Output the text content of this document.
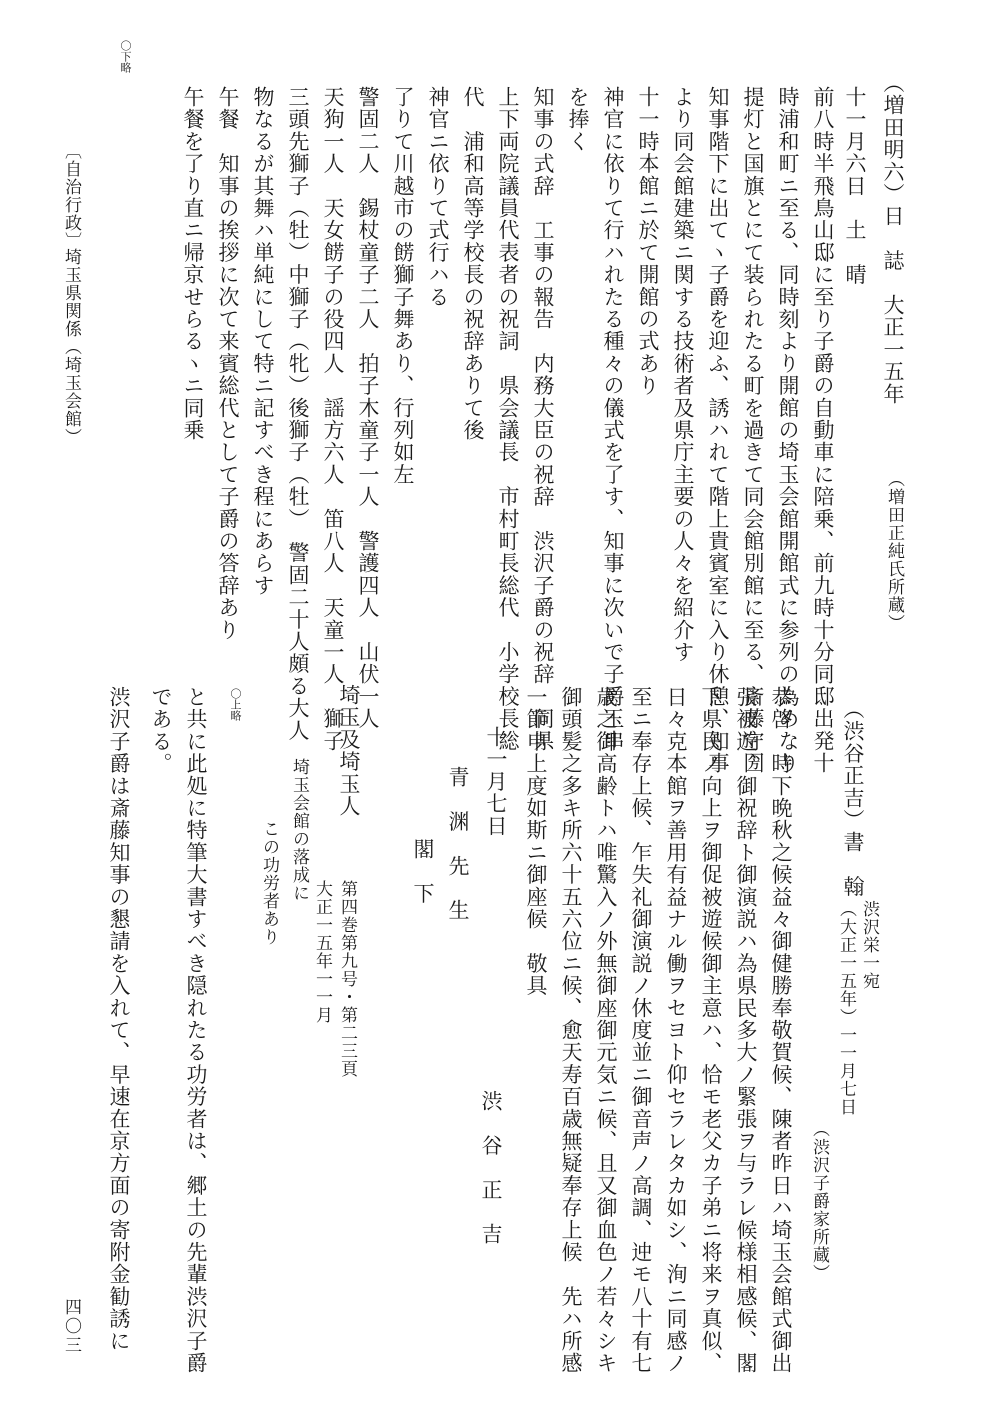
（増田明六）日　誌　大正一五年
（増田正純氏所蔵）
十一月六日　土　晴
前八時半飛鳥山邸に至り子爵の自動車に陪乗、前九時十分同邸出発十
時浦和町ニ至る、同時刻より開館の埼玉会館開館式に参列の為めなり
提灯と国旗とにて装られたる町を過きて同会館別館に至る、斎藤守圀
知事階下に出てヽ子爵を迎ふ、誘ハれて階上貴賓室に入り休憩、知事
より同会館建築ニ関する技術者及県庁主要の人々を紹介す
十一時本館ニ於て開館の式あり
神官に依りて行ハれたる種々の儀式を了す、知事に次いで子爵玉串
を捧く
知事の式辞　工事の報告　内務大臣の祝辞　渋沢子爵の祝辞　同県
上下両院議員代表者の祝詞　県会議長　市村町長総代　小学校長総
代　浦和高等学校長の祝辞ありて後
神官ニ依りて式行ハる
了りて川越市の餝獅子舞あり、行列如左
警固二人　錫杖童子二人　拍子木童子一人　警護四人　山伏一人
天狗一人　天女餝子の役四人　謡方六人　笛八人　天童一人　獅子
三頭先獅子（牡）中獅子（牝）後獅子（牡）　警固二十人頗る大人
物なるが其舞ハ単純にして特ニ記すべき程にあらす
午餐　知事の挨拶に次て来賓総代として子爵の答辞あり
午餐を了り直ニ帰京せらるヽニ同乗
〇下略
〔自治行政〕
埼玉県関係（埼玉会館）
（渋谷正吉）書　翰
渋沢栄一宛
（大正一五年）一一月七日
（渋沢子爵家所蔵）
恭啓　時下晩秋之候益々御健勝奉敬賀候、陳者昨日ハ埼玉会館式御出
張被遊、御祝辞ト御演説ハ為県民多大ノ緊張ヲ与ラレ候様相感候、閣
下県民ノ向上ヲ御促被遊候御主意ハ、恰モ老父カ子弟ニ将来ヲ真似、
日々克本館ヲ善用有益ナル働ヲセヨト仰セラレタカ如シ、洵ニ同感ノ
至ニ奉存上候、乍失礼御演説ノ休度並ニ御音声ノ高調、迚モ八十有七
歳之御高齢トハ唯驚入ノ外無御座御元気ニ候、且又御血色ノ若々シキ
御頭髪之多キ所六十五六位ニ候、愈天寿百歳無疑奉存上候　先ハ所感
一節申上度如斯ニ御座候　敬具
十一月七日
渋　谷　正　吉
青　渊　先　生
閣　下
〇上略	埼玉及埼玉人
第四巻第九号・第二三頁
大正一五年一一月
埼玉会館の落成に
この功労者あり
と共に此処に特筆大書すべき隠れたる功労者は、郷土の先輩渋沢子爵
である。
渋沢子爵は斎藤知事の懇請を入れて、早速在京方面の寄附金勧誘に
四〇三
